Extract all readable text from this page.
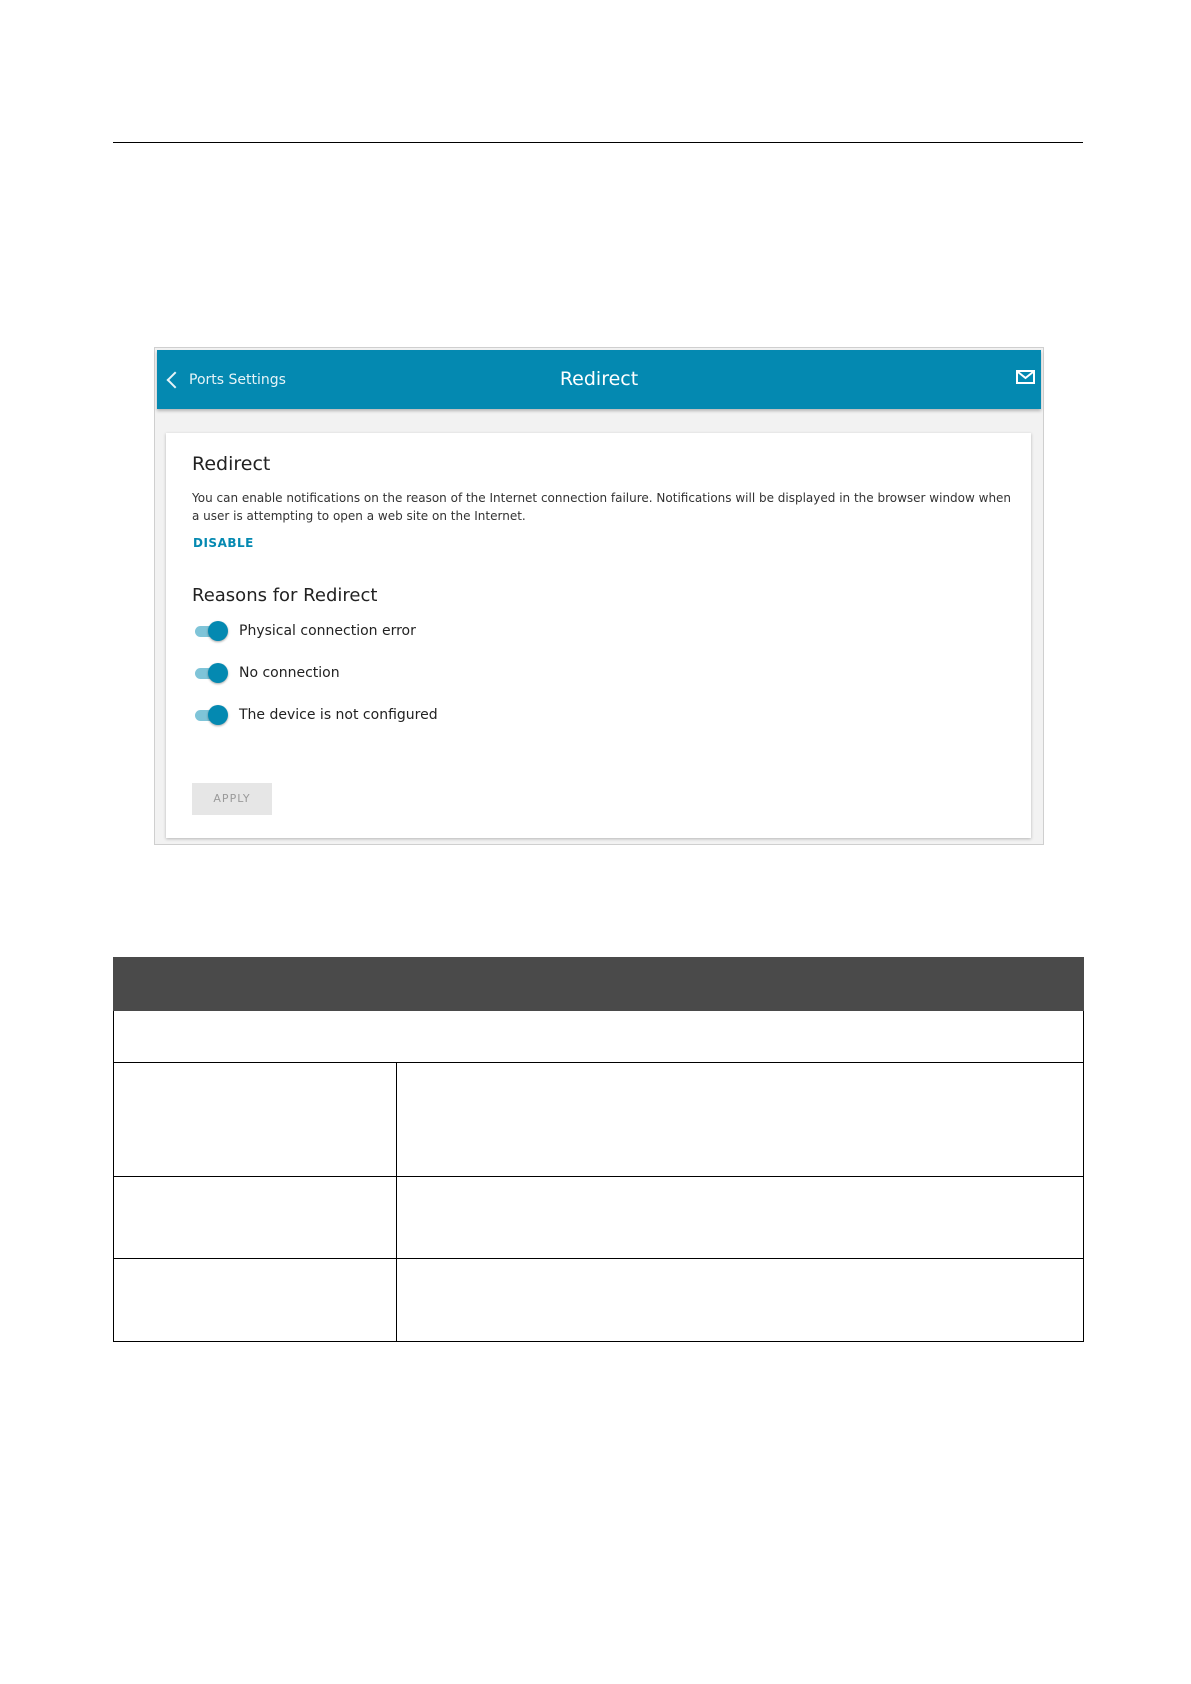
Ports Settings	Redirect
Redirect

You can enable notifications on the reason of the Internet connection failure. Notifications will be displayed in the browser window when a user is attempting to open a web site on the Internet.

DISABLE
Reasons for Redirect
Physical connection error
No connection
The device is not configured
APPLY
